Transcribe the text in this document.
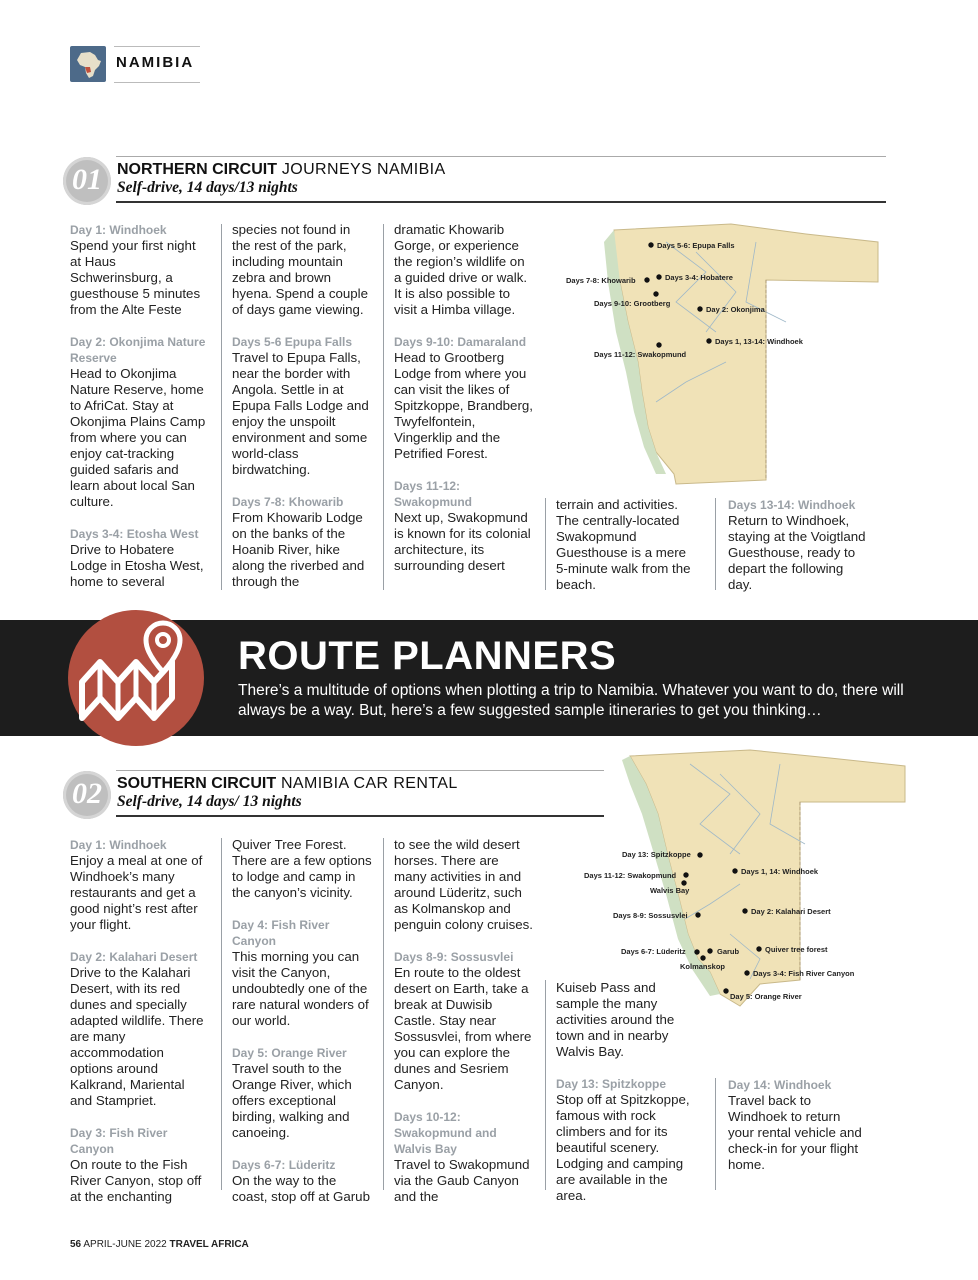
NAMIBIA
01 NORTHERN CIRCUIT JOURNEYS NAMIBIA
Self-drive, 14 days/13 nights

Day 1: Windhoek
Spend your first night at Haus Schwerinsburg, a guesthouse 5 minutes from the Alte Feste

Day 2: Okonjima Nature Reserve
Head to Okonjima Nature Reserve, home to AfriCat. Stay at Okonjima Plains Camp from where you can enjoy cat-tracking guided safaris and learn about local San culture.

Days 3-4: Etosha West
Drive to Hobatere Lodge in Etosha West, home to several

species not found in the rest of the park, including mountain zebra and brown hyena. Spend a couple of days game viewing.

Days 5-6 Epupa Falls
Travel to Epupa Falls, near the border with Angola. Settle in at Epupa Falls Lodge and enjoy the unspoilt environment and some world-class birdwatching.

Days 7-8: Khowarib
From Khowarib Lodge on the banks of the Hoanib River, hike along the riverbed and through the

dramatic Khowarib Gorge, or experience the region’s wildlife on a guided drive or walk. It is also possible to visit a Himba village.

Days 9-10: Damaraland
Head to Grootberg Lodge from where you can visit the likes of Spitzkoppe, Brandberg, Twyfelfontein, Vingerklip and the Petrified Forest.

Days 11-12: Swakopmund
Next up, Swakopmund is known for its colonial architecture, its surrounding desert

terrain and activities. The centrally-located Swakopmund Guesthouse is a mere 5-minute walk from the beach.

Days 13-14: Windhoek
Return to Windhoek, staying at the Voigtland Guesthouse, ready to depart the following day.

Days 5-6: Epupa Falls
Days 7-8: Khowarib	Days 3-4: Hobatere
Days 9-10: Grootberg
Day 2: Okonjima
Days 1, 13-14: Windhoek
Days 11-12: Swakopmund
ROUTE PLANNERS
There’s a multitude of options when plotting a trip to Namibia. Whatever you want to do, there will always be a way. But, here’s a few suggested sample itineraries to get you thinking…
02 SOUTHERN CIRCUIT NAMIBIA CAR RENTAL
Self-drive, 14 days/ 13 nights
Day 13: Spitzkoppe
Days 11-12: Swakopmund
Walvis Bay
Days 1, 14: Windhoek
Days 8-9: Sossusvlei	Day 2: Kalahari Desert
Days 6-7: Lüderitz	Garub	Quiver tree forest
Kolmanskop
Days 3-4: Fish River Canyon
Day 5: Orange River

Day 1: Windhoek
Enjoy a meal at one of Windhoek’s many restaurants and get a good night’s rest after your flight.

Day 2: Kalahari Desert
Drive to the Kalahari Desert, with its red dunes and specially adapted wildlife. There are many accommodation options around Kalkrand, Mariental and Stampriet.

Day 3: Fish River Canyon
On route to the Fish River Canyon, stop off at the enchanting

Quiver Tree Forest. There are a few options to lodge and camp in the canyon’s vicinity.

Day 4: Fish River Canyon
This morning you can visit the Canyon, undoubtedly one of the rare natural wonders of our world.

Day 5: Orange River
Travel south to the Orange River, which offers exceptional birding, walking and canoeing.

Days 6-7: Lüderitz
On the way to the coast, stop off at Garub

to see the wild desert horses. There are many activities in and around Lüderitz, such as Kolmanskop and penguin colony cruises.

Days 8-9: Sossusvlei
En route to the oldest desert on Earth, take a break at Duwisib Castle. Stay near Sossusvlei, from where you can explore the dunes and Sesriem Canyon.

Days 10-12: Swakopmund and Walvis Bay
Travel to Swakopmund via the Gaub Canyon and the

Kuiseb Pass and sample the many activities around the town and in nearby Walvis Bay.

Day 13: Spitzkoppe
Stop off at Spitzkoppe, famous with rock climbers and for its beautiful scenery. Lodging and camping are available in the area.

Day 14: Windhoek
Travel back to Windhoek to return your rental vehicle and check-in for your flight home.

56 APRIL-JUNE 2022 TRAVEL AFRICA
